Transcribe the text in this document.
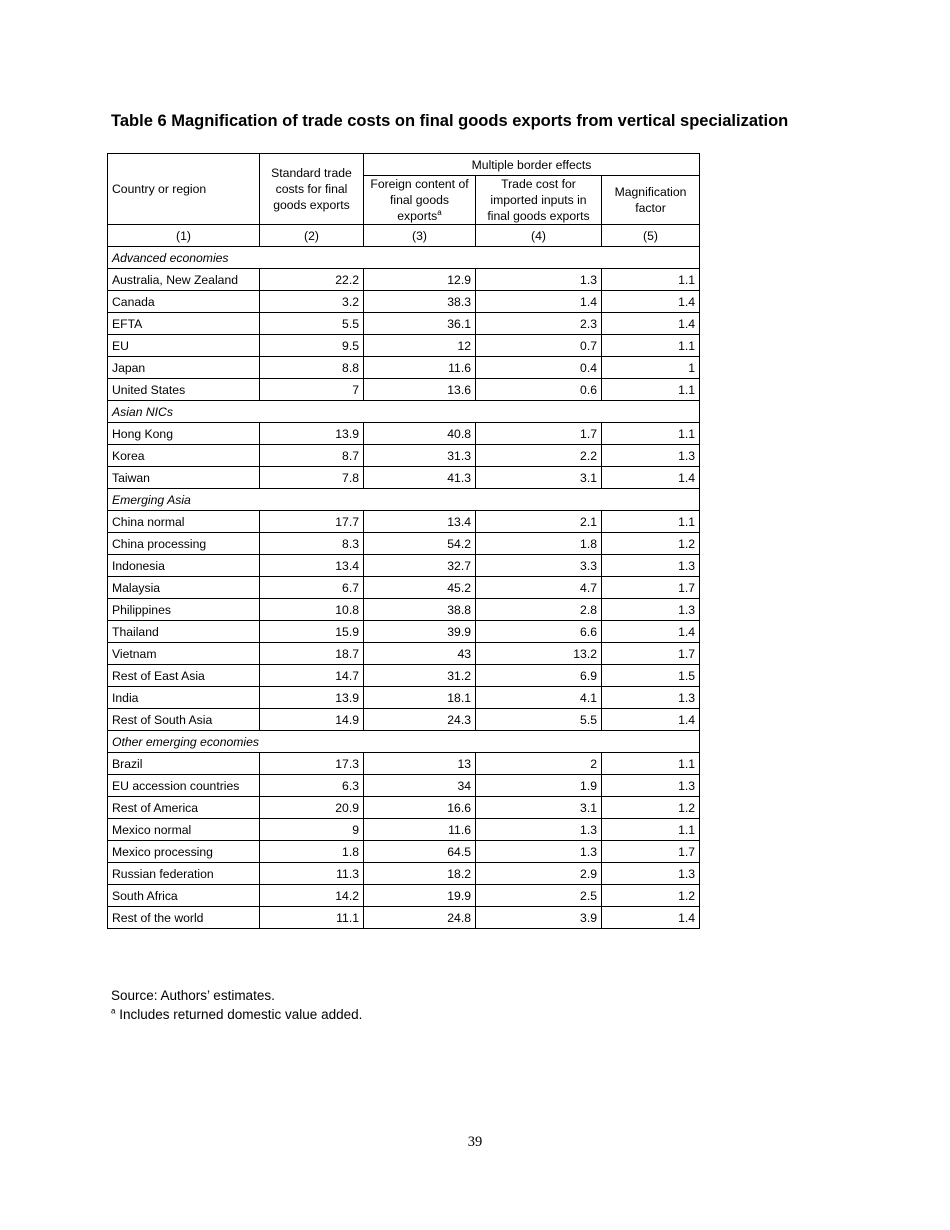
Table 6 Magnification of trade costs on final goods exports from vertical specialization
Country or region	Standard trade costs for final goods exports	Multiple border effects		
		Foreign content of final goods exports$^a$	Trade cost for imported inputs in final goods exports	Magnification factor
(1)	(2)	(3)	(4)	(5)
Advanced economies				
Australia, New Zealand	22.2	12.9	1.3	1.1
Canada	3.2	38.3	1.4	1.4
EFTA	5.5	36.1	2.3	1.4
EU	9.5	12	0.7	1.1
Japan	8.8	11.6	0.4	1
United States	7	13.6	0.6	1.1
Asian NICs				
Hong Kong	13.9	40.8	1.7	1.1
Korea	8.7	31.3	2.2	1.3
Taiwan	7.8	41.3	3.1	1.4
Emerging Asia				
China normal	17.7	13.4	2.1	1.1
China processing	8.3	54.2	1.8	1.2
Indonesia	13.4	32.7	3.3	1.3
Malaysia	6.7	45.2	4.7	1.7
Philippines	10.8	38.8	2.8	1.3
Thailand	15.9	39.9	6.6	1.4
Vietnam	18.7	43	13.2	1.7
Rest of East Asia	14.7	31.2	6.9	1.5
India	13.9	18.1	4.1	1.3
Rest of South Asia	14.9	24.3	5.5	1.4
Other emerging economies				
Brazil	17.3	13	2	1.1
EU accession countries	6.3	34	1.9	1.3
Rest of America	20.9	16.6	3.1	1.2
Mexico normal	9	11.6	1.3	1.1
Mexico processing	1.8	64.5	1.3	1.7
Russian federation	11.3	18.2	2.9	1.3
South Africa	14.2	19.9	2.5	1.2
Rest of the world	11.1	24.8	3.9	1.4
Source: Authors’ estimates.
$^a$ Includes returned domestic value added.
39
